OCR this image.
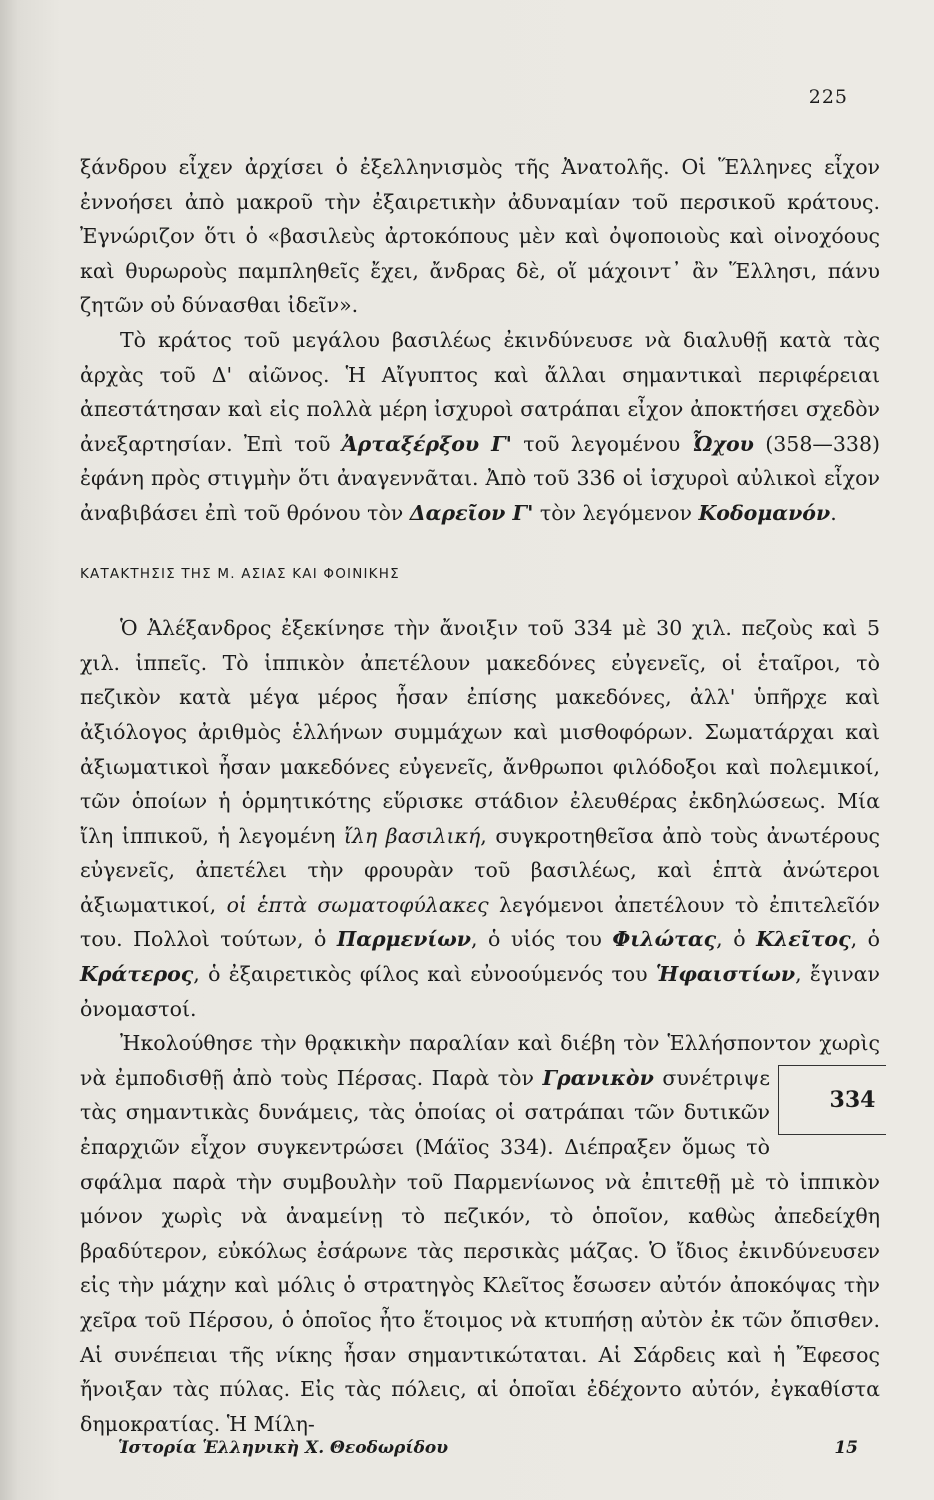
225

ξάνδρου εἶχεν ἀρχίσει ὁ ἐξελληνισμὸς τῆς Ἀνατολῆς. Οἱ Ἕλληνες εἶχον ἐννοήσει ἀπὸ μακροῦ τὴν ἐξαιρετικὴν ἀδυναμίαν τοῦ περσικοῦ κράτους. Ἐγνώριζον ὅτι ὁ «βασιλεὺς ἀρτοκόπους μὲν καὶ ὀψοποιοὺς καὶ οἰνοχόους καὶ θυρωροὺς παμπληθεῖς ἔχει, ἄνδρας δὲ, οἵ μάχοιντ᾽ ἂν Ἕλλησι, πάνυ ζητῶν οὐ δύνασθαι ἰδεῖν».

Τὸ κράτος τοῦ μεγάλου βασιλέως ἐκινδύνευσε νὰ διαλυθῇ κατὰ τὰς ἀρχὰς τοῦ Δ' αἰῶνος. Ἡ Αἴγυπτος καὶ ἄλλαι σημαντικαὶ περιφέρειαι ἀπεστάτησαν καὶ εἰς πολλὰ μέρη ἰσχυροὶ σατράπαι εἶχον ἀποκτήσει σχεδὸν ἀνεξαρτησίαν. Ἐπὶ τοῦ Ἀρταξέρξου Γ' τοῦ λεγομένου Ὦχου (358—338) ἐφάνη πρὸς στιγμὴν ὅτι ἀναγεννᾶται. Ἀπὸ τοῦ 336 οἱ ἰσχυροὶ αὐλικοὶ εἶχον ἀναβιβάσει ἐπὶ τοῦ θρόνου τὸν Δαρεῖον Γ' τὸν λεγόμενον Κοδομανόν.

ΚΑΤΑΚΤΗΣΙΣ ΤΗΣ Μ. ΑΣΙΑΣ ΚΑΙ ΦΟΙΝΙΚΗΣ

Ὁ Ἀλέξανδρος ἐξεκίνησε τὴν ἄνοιξιν τοῦ 334 μὲ 30 χιλ. πεζοὺς καὶ 5 χιλ. ἱππεῖς. Τὸ ἱππικὸν ἀπετέλουν μακεδόνες εὐγενεῖς, οἱ ἑταῖροι, τὸ πεζικὸν κατὰ μέγα μέρος ἦσαν ἐπίσης μακεδόνες, ἀλλ' ὑπῆρχε καὶ ἀξιόλογος ἀριθμὸς ἑλλήνων συμμάχων καὶ μισθοφόρων. Σωματάρχαι καὶ ἀξιωματικοὶ ἦσαν μακεδόνες εὐγενεῖς, ἄνθρωποι φιλόδοξοι καὶ πολεμικοί, τῶν ὁποίων ἡ ὁρμητικότης εὕρισκε στάδιον ἐλευθέρας ἐκδηλώσεως. Μία ἴλη ἱππικοῦ, ἡ λεγομένη ἴλη βασιλική, συγκροτηθεῖσα ἀπὸ τοὺς ἀνωτέρους εὐγενεῖς, ἀπετέλει τὴν φρουρὰν τοῦ βασιλέως, καὶ ἑπτὰ ἀνώτεροι ἀξιωματικοί, οἱ ἑπτὰ σωματοφύλακες λεγόμενοι ἀπετέλουν τὸ ἐπιτελεῖόν του. Πολλοὶ τούτων, ὁ Παρμενίων, ὁ υἱός του Φιλώτας, ὁ Κλεῖτος, ὁ Κράτερος, ὁ ἐξαιρετικὸς φίλος καὶ εὐνοούμενός του Ἡφαιστίων, ἔγιναν ὀνομαστοί.

Ἠκολούθησε τὴν θρᾳκικὴν παραλίαν καὶ διέβη τὸν Ἑλλήσποντον χωρὶς νὰ ἐμποδισθῇ ἀπὸ τοὺς Πέρσας. Παρὰ τὸν Γρανικὸν
334
συνέτριψε τὰς σημαντικὰς δυνάμεις, τὰς ὁποίας οἱ σατράπαι τῶν δυτικῶν ἐπαρχιῶν εἶχον συγκεντρώσει (Μάϊος 334). Διέπραξεν ὅμως τὸ σφάλμα παρὰ τὴν συμβουλὴν τοῦ Παρμενίωνος νὰ ἐπιτεθῇ μὲ τὸ ἱππικὸν μόνον χωρὶς νὰ ἀναμείνῃ τὸ πεζικόν, τὸ ὁποῖον, καθὼς ἀπεδείχθη βραδύτερον, εὐκόλως ἐσάρωνε τὰς περσικὰς μάζας. Ὁ ἴδιος ἐκινδύνευσεν εἰς τὴν μάχην καὶ μόλις ὁ στρατηγὸς Κλεῖτος ἔσωσεν αὐτόν ἀποκόψας τὴν χεῖρα τοῦ Πέρσου, ὁ ὁποῖος ἦτο ἕτοιμος νὰ κτυπήσῃ αὐτὸν ἐκ τῶν ὄπισθεν. Αἱ συνέπειαι τῆς νίκης ἦσαν σημαντικώταται. Αἱ Σάρδεις καὶ ἡ Ἔφεσος ἤνοιξαν τὰς πύλας. Εἰς τὰς πόλεις, αἱ ὁποῖαι ἐδέχοντο αὐτόν, ἐγκαθίστα δημοκρατίας. Ἡ Μίλη-

Ἱστορία Ἑλληνικὴ Χ. Θεοδωρίδου	15
